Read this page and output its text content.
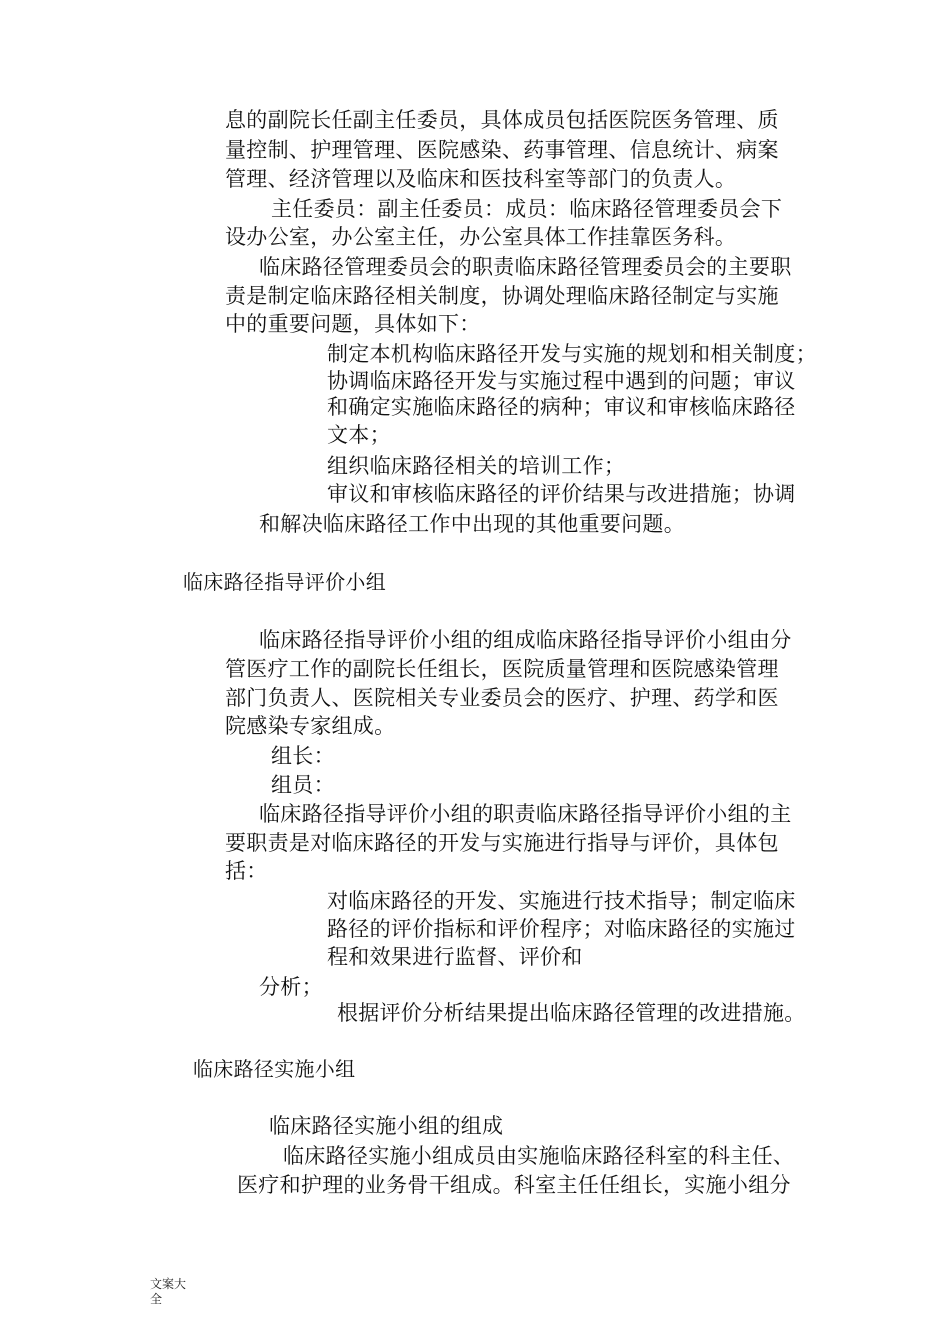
息的副院长任副主任委员，具体成员包括医院医务管理、质
量控制、护理管理、医院感染、药事管理、信息统计、病案
管理、经济管理以及临床和医技科室等部门的负责人。
主任委员：副主任委员：成员：临床路径管理委员会下
设办公室，办公室主任，办公室具体工作挂靠医务科。
临床路径管理委员会的职责临床路径管理委员会的主要职
责是制定临床路径相关制度，协调处理临床路径制定与实施
中的重要问题，具体如下：
制定本机构临床路径开发与实施的规划和相关制度；
协调临床路径开发与实施过程中遇到的问题；审议
和确定实施临床路径的病种；审议和审核临床路径
文本；
组织临床路径相关的培训工作；
审议和审核临床路径的评价结果与改进措施；协调
和解决临床路径工作中出现的其他重要问题。
临床路径指导评价小组
临床路径指导评价小组的组成临床路径指导评价小组由分
管医疗工作的副院长任组长，医院质量管理和医院感染管理
部门负责人、医院相关专业委员会的医疗、护理、药学和医
院感染专家组成。
组长：
组员：
临床路径指导评价小组的职责临床路径指导评价小组的主
要职责是对临床路径的开发与实施进行指导与评价，具体包
括：
对临床路径的开发、实施进行技术指导；制定临床
路径的评价指标和评价程序；对临床路径的实施过
程和效果进行监督、评价和
分析；
根据评价分析结果提出临床路径管理的改进措施。
临床路径实施小组
临床路径实施小组的组成
临床路径实施小组成员由实施临床路径科室的科主任、
医疗和护理的业务骨干组成。科室主任任组长，实施小组分
文案大
全
